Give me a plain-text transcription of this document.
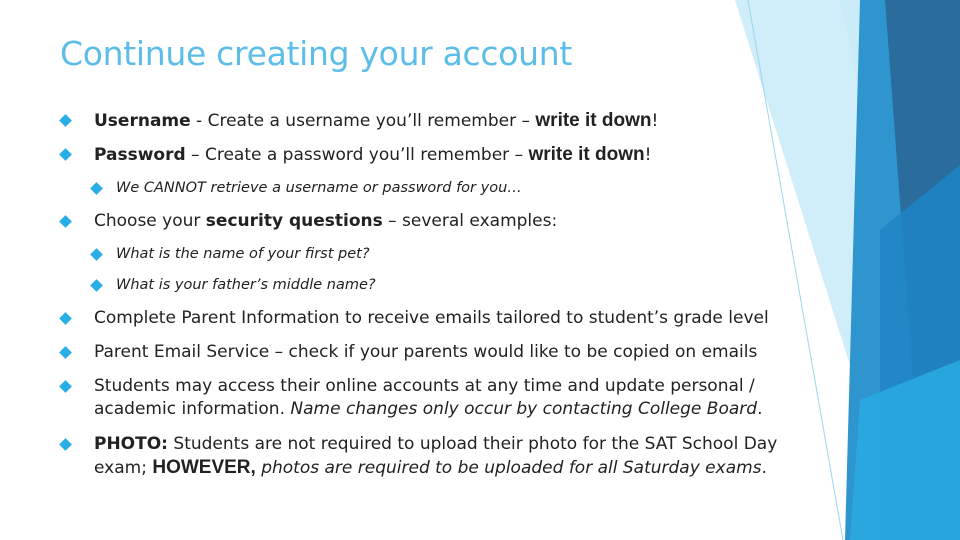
Continue creating your account
Username - Create a username you’ll remember – write it down!
Password – Create a password you’ll remember – write it down!
We CANNOT retrieve a username or password for you…
Choose your security questions – several examples:
What is the name of your first pet?
What is your father’s middle name?
Complete Parent Information to receive emails tailored to student’s grade level
Parent Email Service – check if your parents would like to be copied on emails
Students may access their online accounts at any time and update personal /
academic information. Name changes only occur by contacting College Board.
PHOTO: Students are not required to upload their photo for the SAT School Day
exam; HOWEVER, photos are required to be uploaded for all Saturday exams.
